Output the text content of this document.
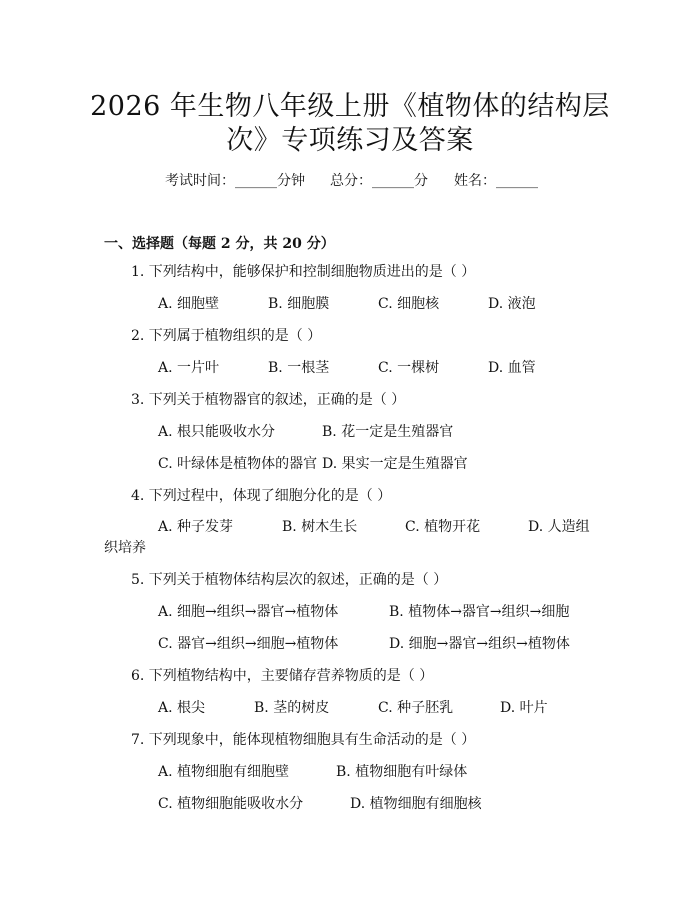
2026 年生物八年级上册《植物体的结构层
次》专项练习及答案
考试时间：______分钟 总分：______分 姓名：______
一、选择题（每题 2 分，共 20 分）
1. 下列结构中，能够保护和控制细胞物质进出的是（ ）
A. 细胞壁	B. 细胞膜	C. 细胞核	D. 液泡
2. 下列属于植物组织的是（ ）
A. 一片叶	B. 一根茎	C. 一棵树	D. 血管
3. 下列关于植物器官的叙述，正确的是（ ）
A. 根只能吸收水分	B. 花一定是生殖器官
C. 叶绿体是植物体的器官 D. 果实一定是生殖器官
4. 下列过程中，体现了细胞分化的是（ ）
A. 种子发芽	B. 树木生长	C. 植物开花	D. 人造组
织培养
5. 下列关于植物体结构层次的叙述，正确的是（ ）
A. 细胞→组织→器官→植物体	B. 植物体→器官→组织→细胞
C. 器官→组织→细胞→植物体	D. 细胞→器官→组织→植物体
6. 下列植物结构中，主要储存营养物质的是（ ）
A. 根尖	B. 茎的树皮	C. 种子胚乳	D. 叶片
7. 下列现象中，能体现植物细胞具有生命活动的是（ ）
A. 植物细胞有细胞壁	B. 植物细胞有叶绿体
C. 植物细胞能吸收水分	D. 植物细胞有细胞核
